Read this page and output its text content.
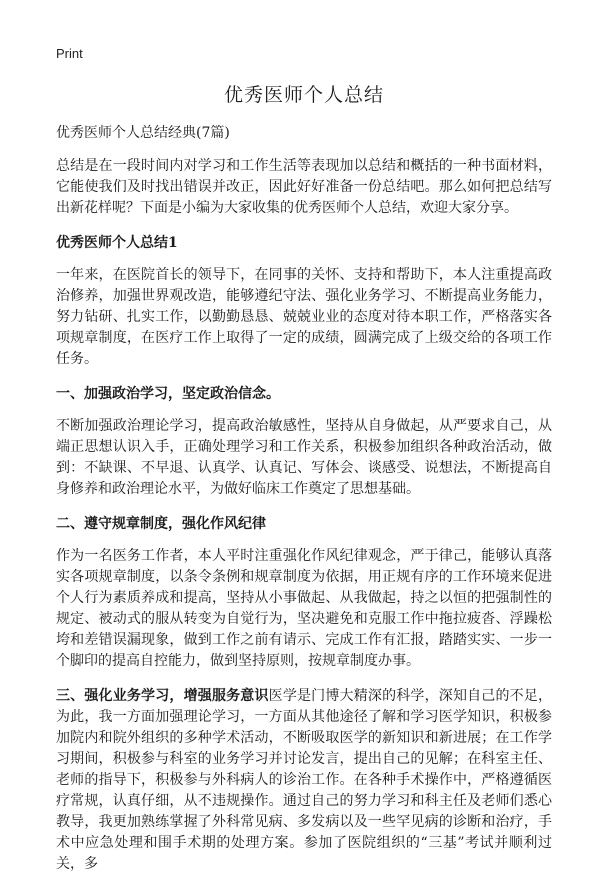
Print
优秀医师个人总结

优秀医师个人总结经典(7篇)

总结是在一段时间内对学习和工作生活等表现加以总结和概括的一种书面材料，它能使我们及时找出错误并改正，因此好好准备一份总结吧。那么如何把总结写出新花样呢？下面是小编为大家收集的优秀医师个人总结，欢迎大家分享。

优秀医师个人总结1

一年来，在医院首长的领导下，在同事的关怀、支持和帮助下，本人注重提高政治修养，加强世界观改造，能够遵纪守法、强化业务学习、不断提高业务能力，努力钻研、扎实工作，以勤勤恳恳、兢兢业业的态度对待本职工作，严格落实各项规章制度，在医疗工作上取得了一定的成绩，圆满完成了上级交给的各项工作任务。

一、加强政治学习，坚定政治信念。

不断加强政治理论学习，提高政治敏感性，坚持从自身做起，从严要求自己，从端正思想认识入手，正确处理学习和工作关系，积极参加组织各种政治活动，做到：不缺课、不早退、认真学、认真记、写体会、谈感受、说想法，不断提高自身修养和政治理论水平，为做好临床工作奠定了思想基础。

二、遵守规章制度，强化作风纪律

作为一名医务工作者，本人平时注重强化作风纪律观念，严于律己，能够认真落实各项规章制度，以条令条例和规章制度为依据，用正规有序的工作环境来促进个人行为素质养成和提高，坚持从小事做起、从我做起，持之以恒的把强制性的规定、被动式的服从转变为自觉行为，坚决避免和克服工作中拖拉疲沓、浮躁松垮和差错误漏现象，做到工作之前有请示、完成工作有汇报，踏踏实实、一步一个脚印的提高自控能力，做到坚持原则，按规章制度办事。

三、强化业务学习，增强服务意识医学是门博大精深的科学，深知自己的不足，为此，我一方面加强理论学习，一方面从其他途径了解和学习医学知识，积极参加院内和院外组织的多种学术活动，不断吸取医学的新知识和新进展；在工作学习期间，积极参与科室的业务学习并讨论发言，提出自己的见解；在科室主任、老师的指导下，积极参与外科病人的诊治工作。在各种手术操作中，严格遵循医疗常规，认真仔细，从不违规操作。通过自己的努力学习和科主任及老师们悉心教导，我更加熟练掌握了外科常见病、多发病以及一些罕见病的诊断和治疗，手术中应急处理和围手术期的处理方案。参加了医院组织的“三基”考试并顺利过关，多
